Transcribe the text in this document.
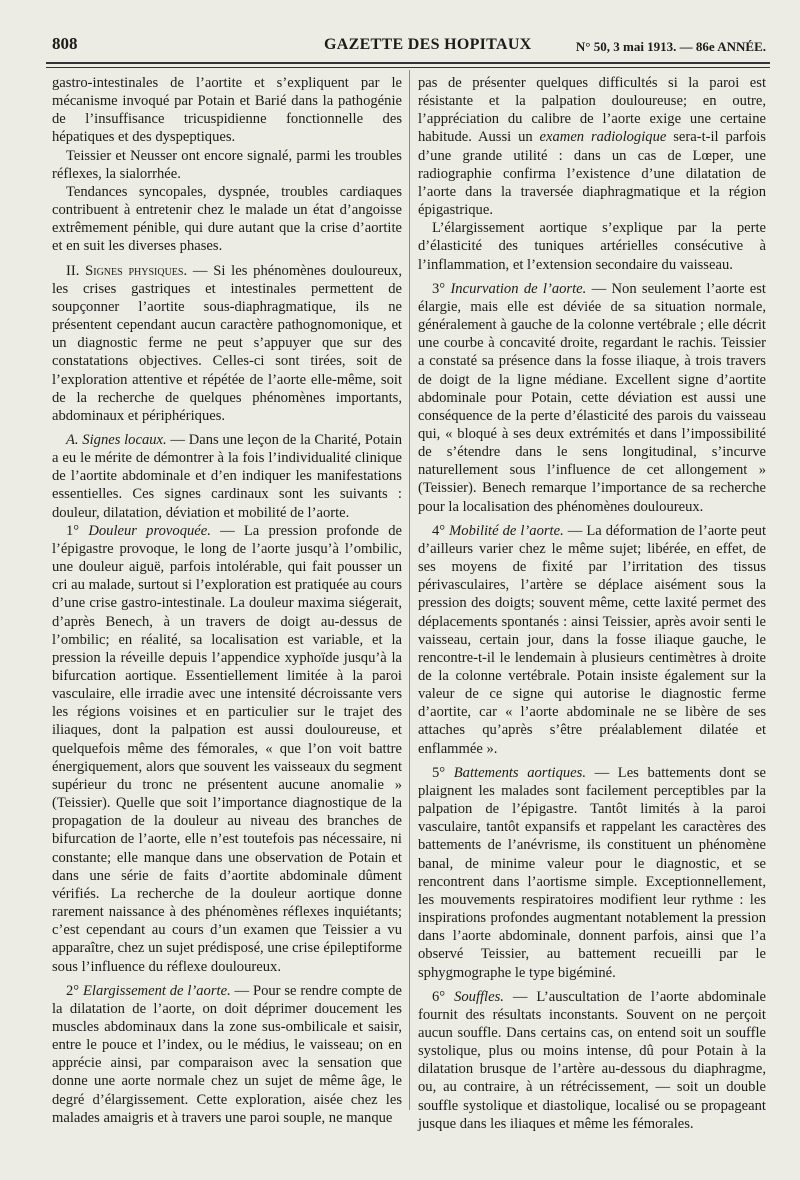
808	GAZETTE DES HOPITAUX	N° 50, 3 mai 1913. — 86e ANNÉE.

gastro-intestinales de l’aortite et s’expliquent par le mécanisme invoqué par Potain et Barié dans la pathogénie de l’insuffisance tricuspidienne fonctionnelle des hépatiques et des dyspeptiques.

Teissier et Neusser ont encore signalé, parmi les troubles réflexes, la sialorrhée.

Tendances syncopales, dyspnée, troubles cardiaques contribuent à entretenir chez le malade un état d’angoisse extrêmement pénible, qui dure autant que la crise d’aortite et en suit les diverses phases.

II. Signes physiques. — Si les phénomènes douloureux, les crises gastriques et intestinales permettent de soupçonner l’aortite sous-diaphragmatique, ils ne présentent cependant aucun caractère pathognomonique, et un diagnostic ferme ne peut s’appuyer que sur des constatations objectives. Celles-ci sont tirées, soit de l’exploration attentive et répétée de l’aorte elle-même, soit de la recherche de quelques phénomènes importants, abdominaux et périphériques.

A. Signes locaux. — Dans une leçon de la Charité, Potain a eu le mérite de démontrer à la fois l’individualité clinique de l’aortite abdominale et d’en indiquer les manifestations essentielles. Ces signes cardinaux sont les suivants : douleur, dilatation, déviation et mobilité de l’aorte.

1° Douleur provoquée. — La pression profonde de l’épigastre provoque, le long de l’aorte jusqu’à l’ombilic, une douleur aiguë, parfois intolérable, qui fait pousser un cri au malade, surtout si l’exploration est pratiquée au cours d’une crise gastro-intestinale. La douleur maxima siégerait, d’après Benech, à un travers de doigt au-dessus de l’ombilic; en réalité, sa localisation est variable, et la pression la réveille depuis l’appendice xyphoïde jusqu’à la bifurcation aortique. Essentiellement limitée à la paroi vasculaire, elle irradie avec une intensité décroissante vers les régions voisines et en particulier sur le trajet des iliaques, dont la palpation est aussi douloureuse, et quelquefois même des fémorales, « que l’on voit battre énergiquement, alors que souvent les vaisseaux du segment supérieur du tronc ne présentent aucune anomalie » (Teissier). Quelle que soit l’importance diagnostique de la propagation de la douleur au niveau des branches de bifurcation de l’aorte, elle n’est toutefois pas nécessaire, ni constante; elle manque dans une observation de Potain et dans une série de faits d’aortite abdominale dûment vérifiés. La recherche de la douleur aortique donne rarement naissance à des phénomènes réflexes inquiétants; c’est cependant au cours d’un examen que Teissier a vu apparaître, chez un sujet prédisposé, une crise épileptiforme sous l’influence du réflexe douloureux.

2° Elargissement de l’aorte. — Pour se rendre compte de la dilatation de l’aorte, on doit déprimer doucement les muscles abdominaux dans la zone sus-ombilicale et saisir, entre le pouce et l’index, ou le médius, le vaisseau; on en apprécie ainsi, par comparaison avec la sensation que donne une aorte normale chez un sujet de même âge, le degré d’élargissement. Cette exploration, aisée chez les malades amaigris et à travers une paroi souple, ne manque

pas de présenter quelques difficultés si la paroi est résistante et la palpation douloureuse; en outre, l’appréciation du calibre de l’aorte exige une certaine habitude. Aussi un examen radiologique sera-t-il parfois d’une grande utilité : dans un cas de Lœper, une radiographie confirma l’existence d’une dilatation de l’aorte dans la traversée diaphragmatique et la région épigastrique.

L’élargissement aortique s’explique par la perte d’élasticité des tuniques artérielles consécutive à l’inflammation, et l’extension secondaire du vaisseau.

3° Incurvation de l’aorte. — Non seulement l’aorte est élargie, mais elle est déviée de sa situation normale, généralement à gauche de la colonne vertébrale ; elle décrit une courbe à concavité droite, regardant le rachis. Teissier a constaté sa présence dans la fosse iliaque, à trois travers de doigt de la ligne médiane. Excellent signe d’aortite abdominale pour Potain, cette déviation est aussi une conséquence de la perte d’élasticité des parois du vaisseau qui, « bloqué à ses deux extrémités et dans l’impossibilité de s’étendre dans le sens longitudinal, s’incurve naturellement sous l’influence de cet allongement » (Teissier). Benech remarque l’importance de sa recherche pour la localisation des phénomènes douloureux.

4° Mobilité de l’aorte. — La déformation de l’aorte peut d’ailleurs varier chez le même sujet; libérée, en effet, de ses moyens de fixité par l’irritation des tissus périvasculaires, l’artère se déplace aisément sous la pression des doigts; souvent même, cette laxité permet des déplacements spontanés : ainsi Teissier, après avoir senti le vaisseau, certain jour, dans la fosse iliaque gauche, le rencontre-t-il le lendemain à plusieurs centimètres à droite de la colonne vertébrale. Potain insiste également sur la valeur de ce signe qui autorise le diagnostic ferme d’aortite, car « l’aorte abdominale ne se libère de ses attaches qu’après s’être préalablement dilatée et enflammée ».

5° Battements aortiques. — Les battements dont se plaignent les malades sont facilement perceptibles par la palpation de l’épigastre. Tantôt limités à la paroi vasculaire, tantôt expansifs et rappelant les caractères des battements de l’anévrisme, ils constituent un phénomène banal, de minime valeur pour le diagnostic, et se rencontrent dans l’aortisme simple. Exceptionnellement, les mouvements respiratoires modifient leur rythme : les inspirations profondes augmentant notablement la pression dans l’aorte abdominale, donnent parfois, ainsi que l’a observé Teissier, au battement recueilli par le sphygmographe le type bigéminé.

6° Souffles. — L’auscultation de l’aorte abdominale fournit des résultats inconstants. Souvent on ne perçoit aucun souffle. Dans certains cas, on entend soit un souffle systolique, plus ou moins intense, dû pour Potain à la dilatation brusque de l’artère au-dessous du diaphragme, ou, au contraire, à un rétrécissement, — soit un double souffle systolique et diastolique, localisé ou se propageant jusque dans les iliaques et même les fémorales.
